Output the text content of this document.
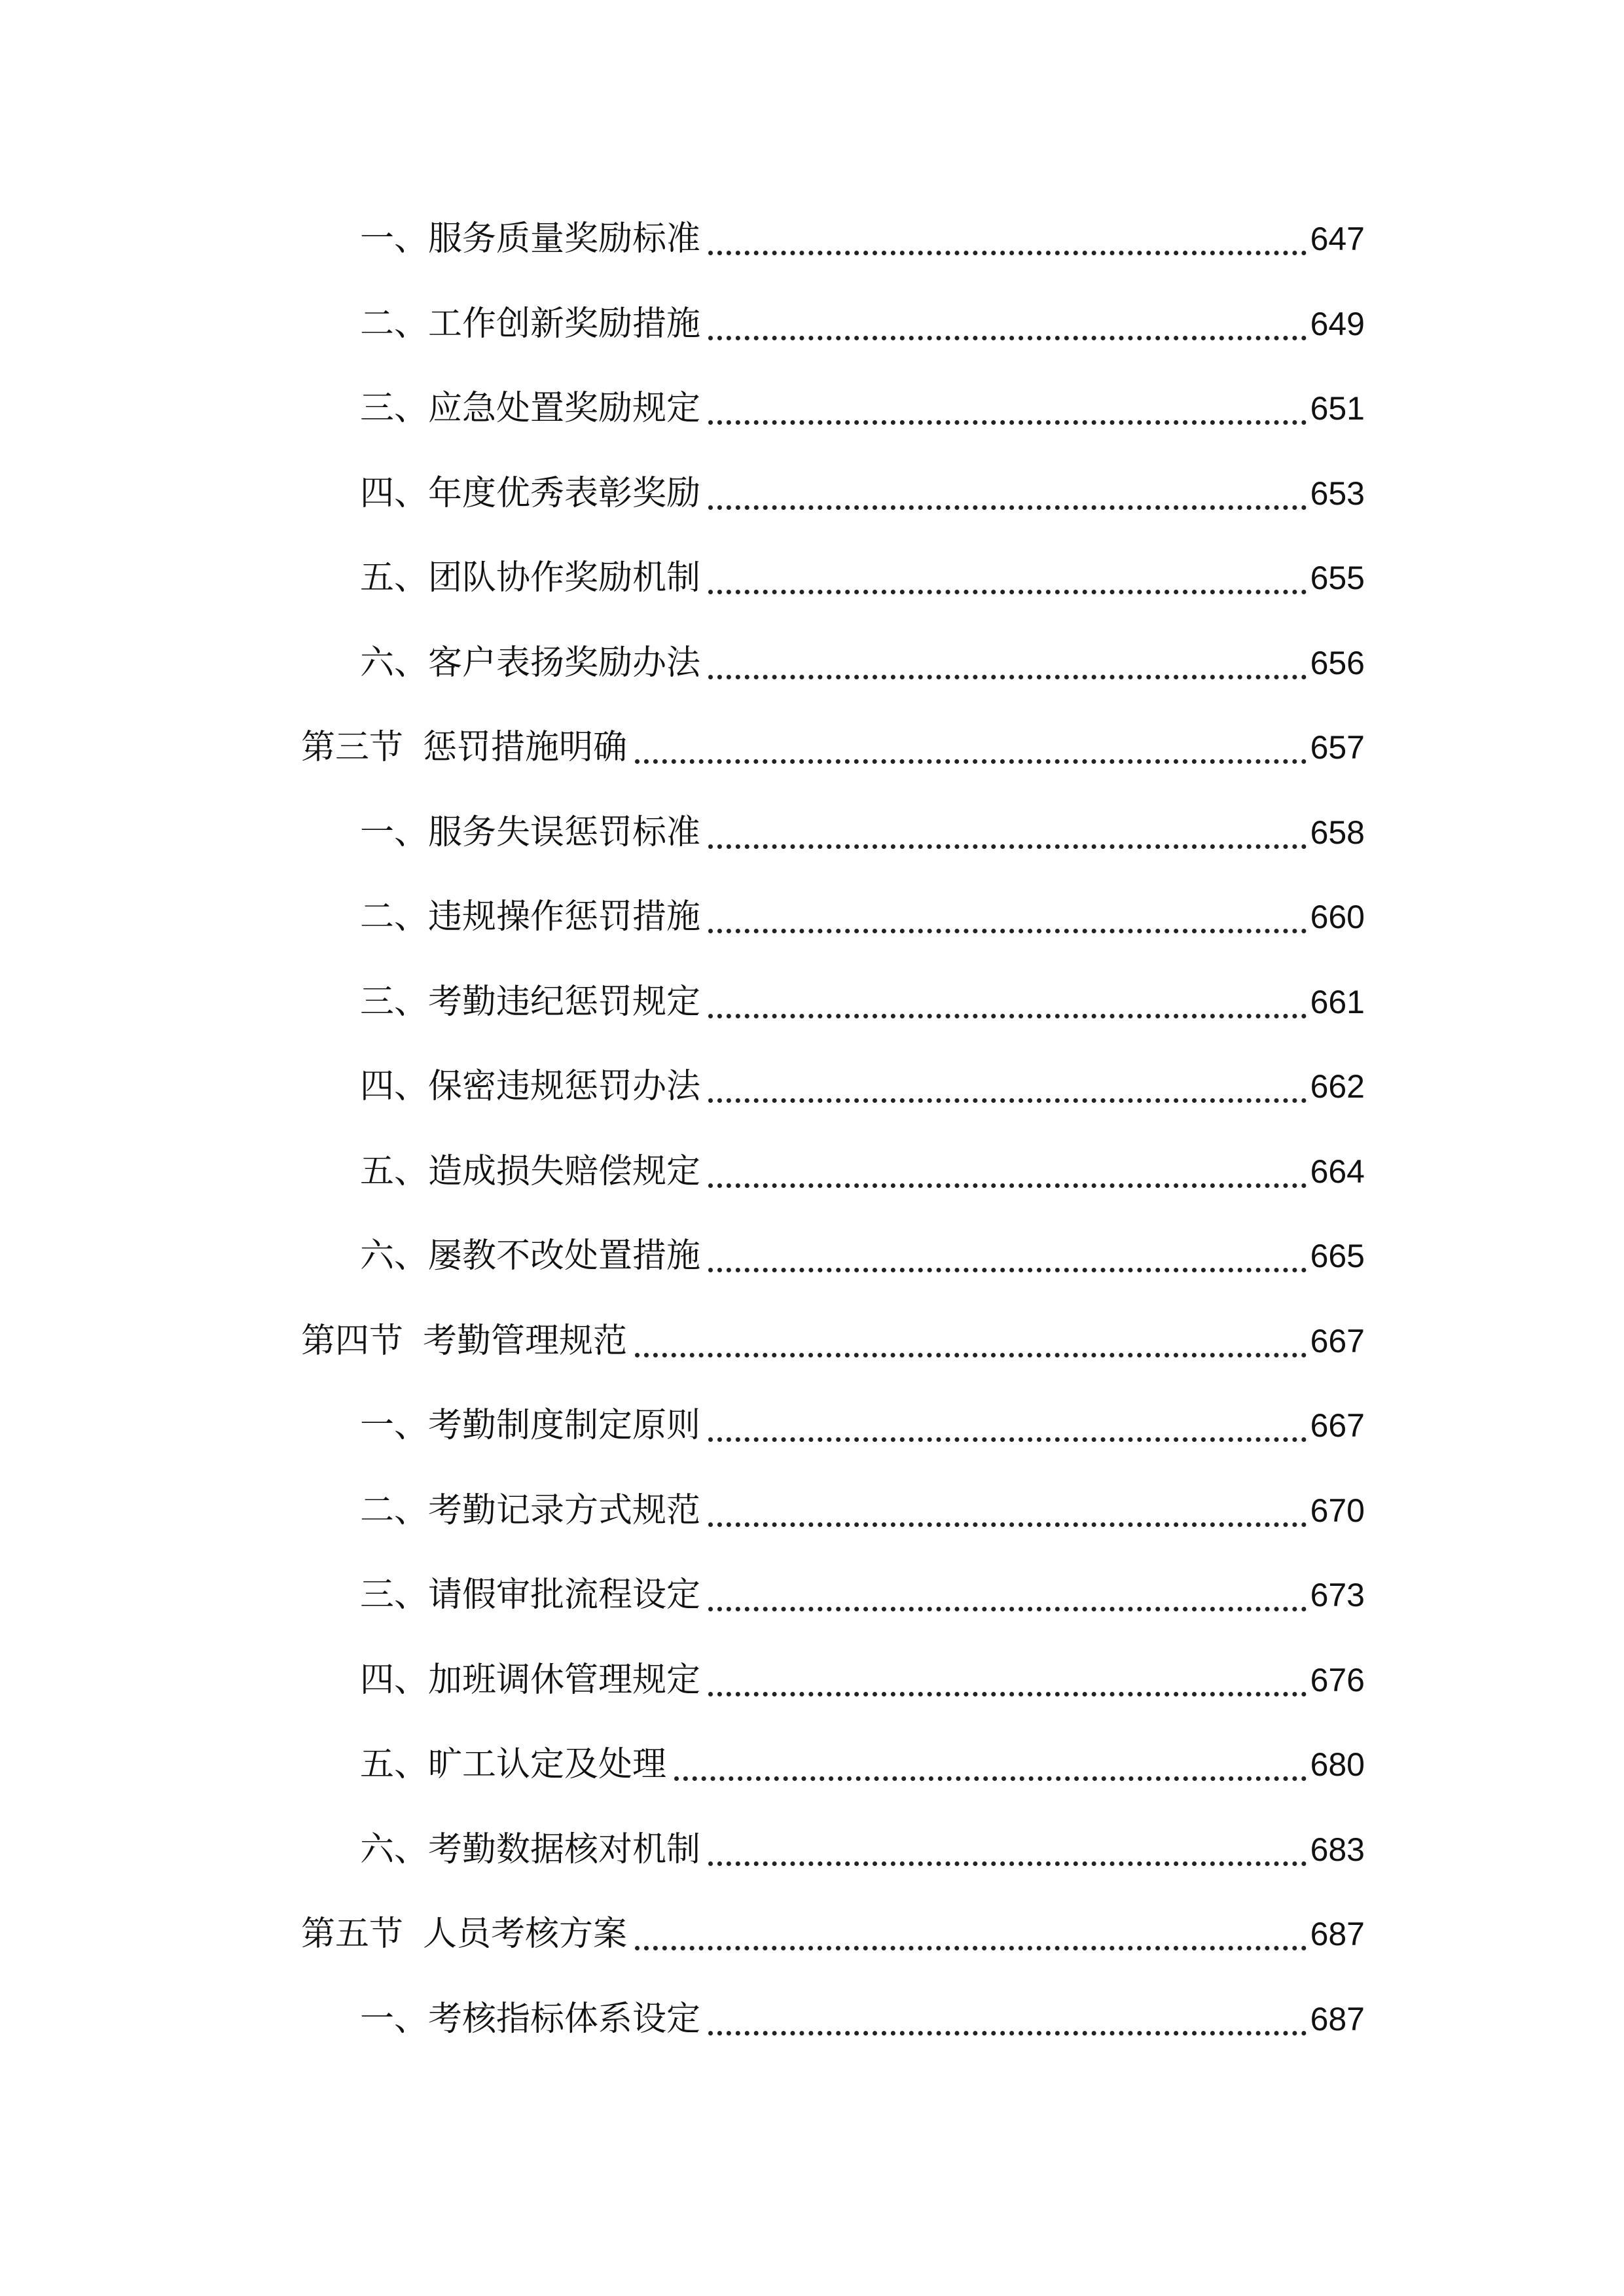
一、 服务质量奖励标准	647
二、 工作创新奖励措施	649
三、 应急处置奖励规定	651
四、 年度优秀表彰奖励	653
五、 团队协作奖励机制	655
六、 客户表扬奖励办法	656
第三节 惩罚措施明确	657
一、 服务失误惩罚标准	658
二、 违规操作惩罚措施	660
三、 考勤违纪惩罚规定	661
四、 保密违规惩罚办法	662
五、 造成损失赔偿规定	664
六、 屡教不改处置措施	665
第四节 考勤管理规范	667
一、 考勤制度制定原则	667
二、 考勤记录方式规范	670
三、 请假审批流程设定	673
四、 加班调休管理规定	676
五、 旷工认定及处理	680
六、 考勤数据核对机制	683
第五节 人员考核方案	687
一、 考核指标体系设定	687
